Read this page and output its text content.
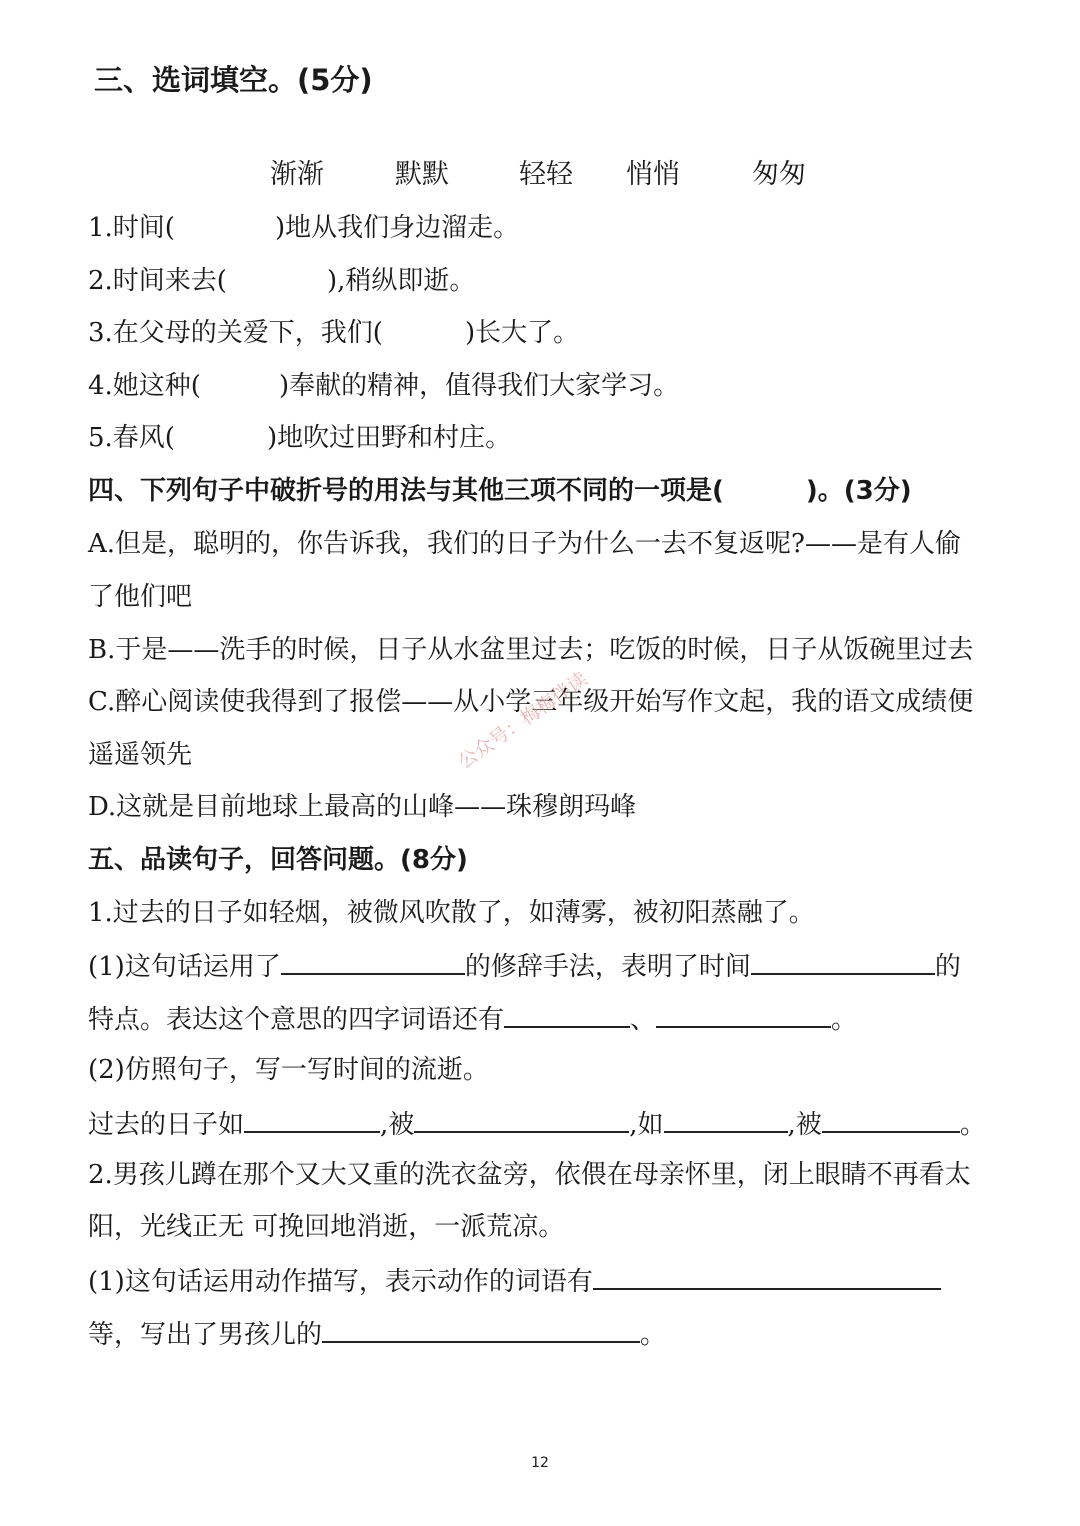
三、选词填空。(5分)
渐渐	默默	轻轻 悄悄	匆匆
1.时间(	)地从我们身边溜走。
2.时间来去(	),稍纵即逝。
3.在父母的关爱下，我们(	)长大了。
4.她这种(	)奉献的精神，值得我们大家学习。
5.春风(	)地吹过田野和村庄。
四、下列句子中破折号的用法与其他三项不同的一项是(	)。(3分)
A.但是，聪明的，你告诉我，我们的日子为什么一去不复返呢?——是有人偷
了他们吧
B.于是——洗手的时候，日子从水盆里过去；吃饭的时候，日子从饭碗里过去
C.醉心阅读使我得到了报偿——从小学三年级开始写作文起，我的语文成绩便
遥遥领先
D.这就是目前地球上最高的山峰——珠穆朗玛峰
五、品读句子，回答问题。(8分)
1.过去的日子如轻烟，被微风吹散了，如薄雾，被初阳蒸融了。
(1)这句话运用了	的修辞手法，表明了时间	的
特点。表达这个意思的四字词语还有	、	。
(2)仿照句子，写一写时间的流逝。
过去的日子如	,被	,如	,被	。
2.男孩儿蹲在那个又大又重的洗衣盆旁，依偎在母亲怀里，闭上眼睛不再看太
阳，光线正无 可挽回地消逝，一派荒凉。
(1)这句话运用动作描写，表示动作的词语有
等，写出了男孩儿的	。
公众号：梅梅伴读
12
